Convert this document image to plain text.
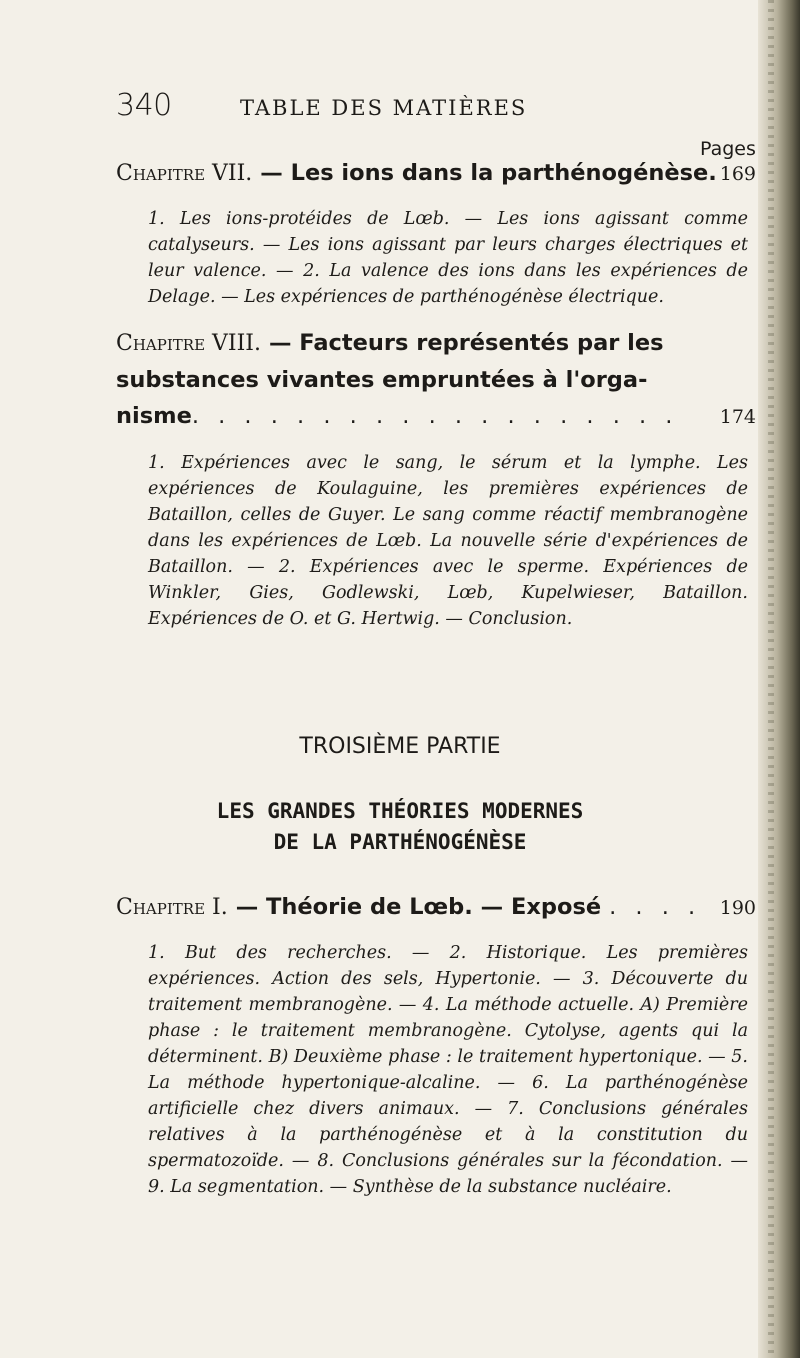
340	TABLE DES MATIÈRES
Pages
Chapitre VII. — Les ions dans la parthénogénèse. 169
1. Les ions-protéides de Lœb. — Les ions agissant comme catalyseurs. — Les ions agissant par leurs charges électriques et leur valence. — 2. La valence des ions dans les expériences de Delage. — Les expériences de parthénogénèse électrique.
Chapitre VIII. — Facteurs représentés par les
substances vivantes empruntées à l'orga-
nisme . . . . . . . . . . . . . . . . . . . 174
1. Expériences avec le sang, le sérum et la lymphe. Les expériences de Koulaguine, les premières expériences de Bataillon, celles de Guyer. Le sang comme réactif membranogène dans les expériences de Lœb. La nouvelle série d'expériences de Bataillon. — 2. Expériences avec le sperme. Expériences de Winkler, Gies, Godlewski, Lœb, Kupelwieser, Bataillon. Expériences de O. et G. Hertwig. — Conclusion.
TROISIÈME PARTIE
LES GRANDES THÉORIES MODERNES
DE LA PARTHÉNOGÉNÈSE
Chapitre I. — Théorie de Lœb. — Exposé . . . . 190
1. But des recherches. — 2. Historique. Les premières expériences. Action des sels, Hypertonie. — 3. Découverte du traitement membranogène. — 4. La méthode actuelle. A) Première phase : le traitement membranogène. Cytolyse, agents qui la déterminent. B) Deuxième phase : le traitement hypertonique. — 5. La méthode hypertonique-alcaline. — 6. La parthénogénèse artificielle chez divers animaux. — 7. Conclusions générales relatives à la parthénogénèse et à la constitution du spermatozoïde. — 8. Conclusions générales sur la fécondation. — 9. La segmentation. — Synthèse de la substance nucléaire.
